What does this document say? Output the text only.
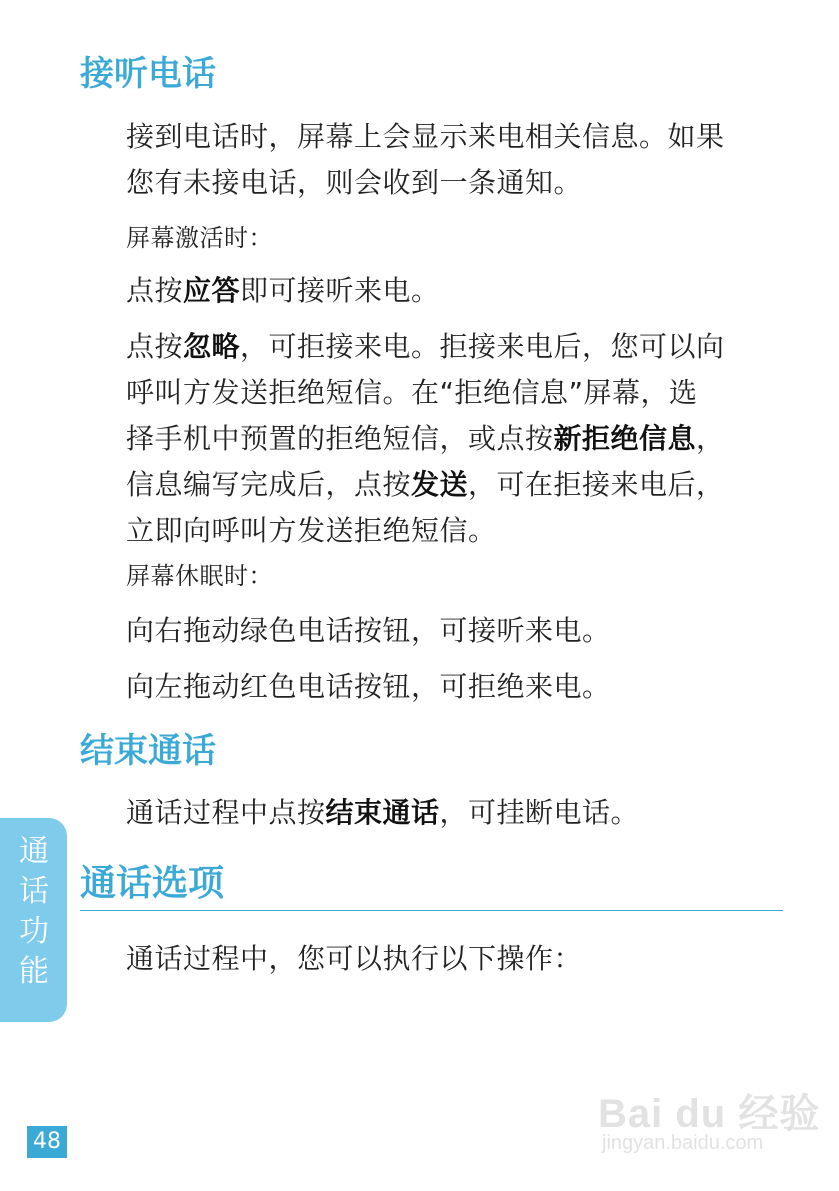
接听电话

接到电话时，屏幕上会显示来电相关信息。如果
您有未接电话，则会收到一条通知。

屏幕激活时：

点按应答即可接听来电。

点按忽略，可拒接来电。拒接来电后，您可以向
呼叫方发送拒绝短信。在“拒绝信息”屏幕，选
择手机中预置的拒绝短信，或点按新拒绝信息，
信息编写完成后，点按发送，可在拒接来电后，
立即向呼叫方发送拒绝短信。

屏幕休眠时：

向右拖动绿色电话按钮，可接听来电。

向左拖动红色电话按钮，可拒绝来电。

结束通话

通话过程中点按结束通话，可挂断电话。

通话选项

通话过程中，您可以执行以下操作：

通话功能
48
Bai du 经验
jingyan.baidu.com
